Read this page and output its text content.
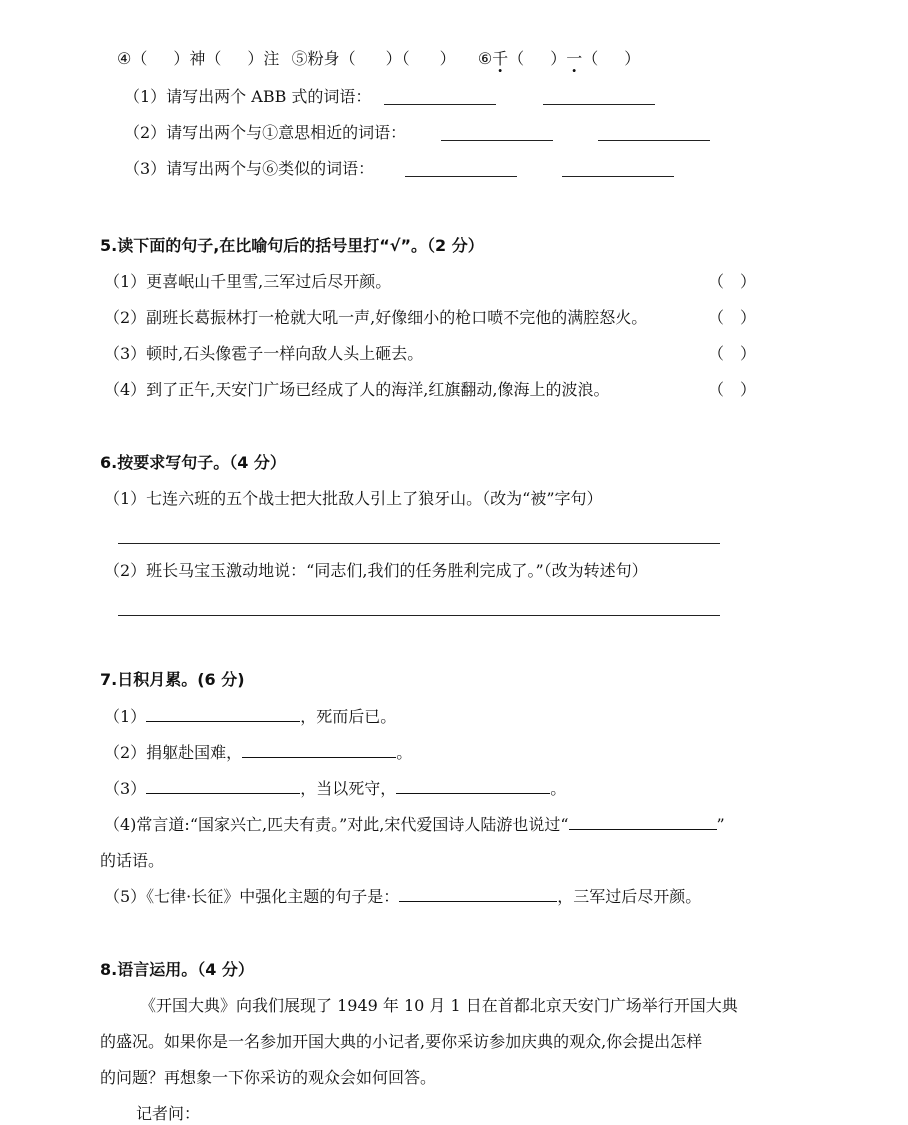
④（ ）神（ ）注 ⑤粉身（ ）（ ） ⑥千（ ）一（ ）
（1）请写出两个 ABB 式的词语：
（2）请写出两个与①意思相近的词语：
（3）请写出两个与⑥类似的词语：
5.读下面的句子,在比喻句后的括号里打“√”。（2 分）
（1）更喜岷山千里雪,三军过后尽开颜。	（　）
（2）副班长葛振林打一枪就大吼一声,好像细小的枪口喷不完他的满腔怒火。	（　）
（3）顿时,石头像雹子一样向敌人头上砸去。	（　）
（4）到了正午,天安门广场已经成了人的海洋,红旗翻动,像海上的波浪。	（　）
6.按要求写句子。（4 分）
（1）七连六班的五个战士把大批敌人引上了狼牙山。（改为“被”字句）
（2）班长马宝玉激动地说：“同志们,我们的任务胜利完成了。”（改为转述句）
7.日积月累。(6 分)
（1）	，死而后已。
（2）捐躯赴国难，	。
（3）	，当以死守，	。
（4)常言道:“国家兴亡,匹夫有责。”对此,宋代爱国诗人陆游也说过“	”
的话语。
（5）《七律·长征》中强化主题的句子是：	，三军过后尽开颜。
8.语言运用。（4 分）
《开国大典》向我们展现了 1949 年 10 月 1 日在首都北京天安门广场举行开国大典
的盛况。如果你是一名参加开国大典的小记者,要你采访参加庆典的观众,你会提出怎样
的问题？再想象一下你采访的观众会如何回答。
记者问：
